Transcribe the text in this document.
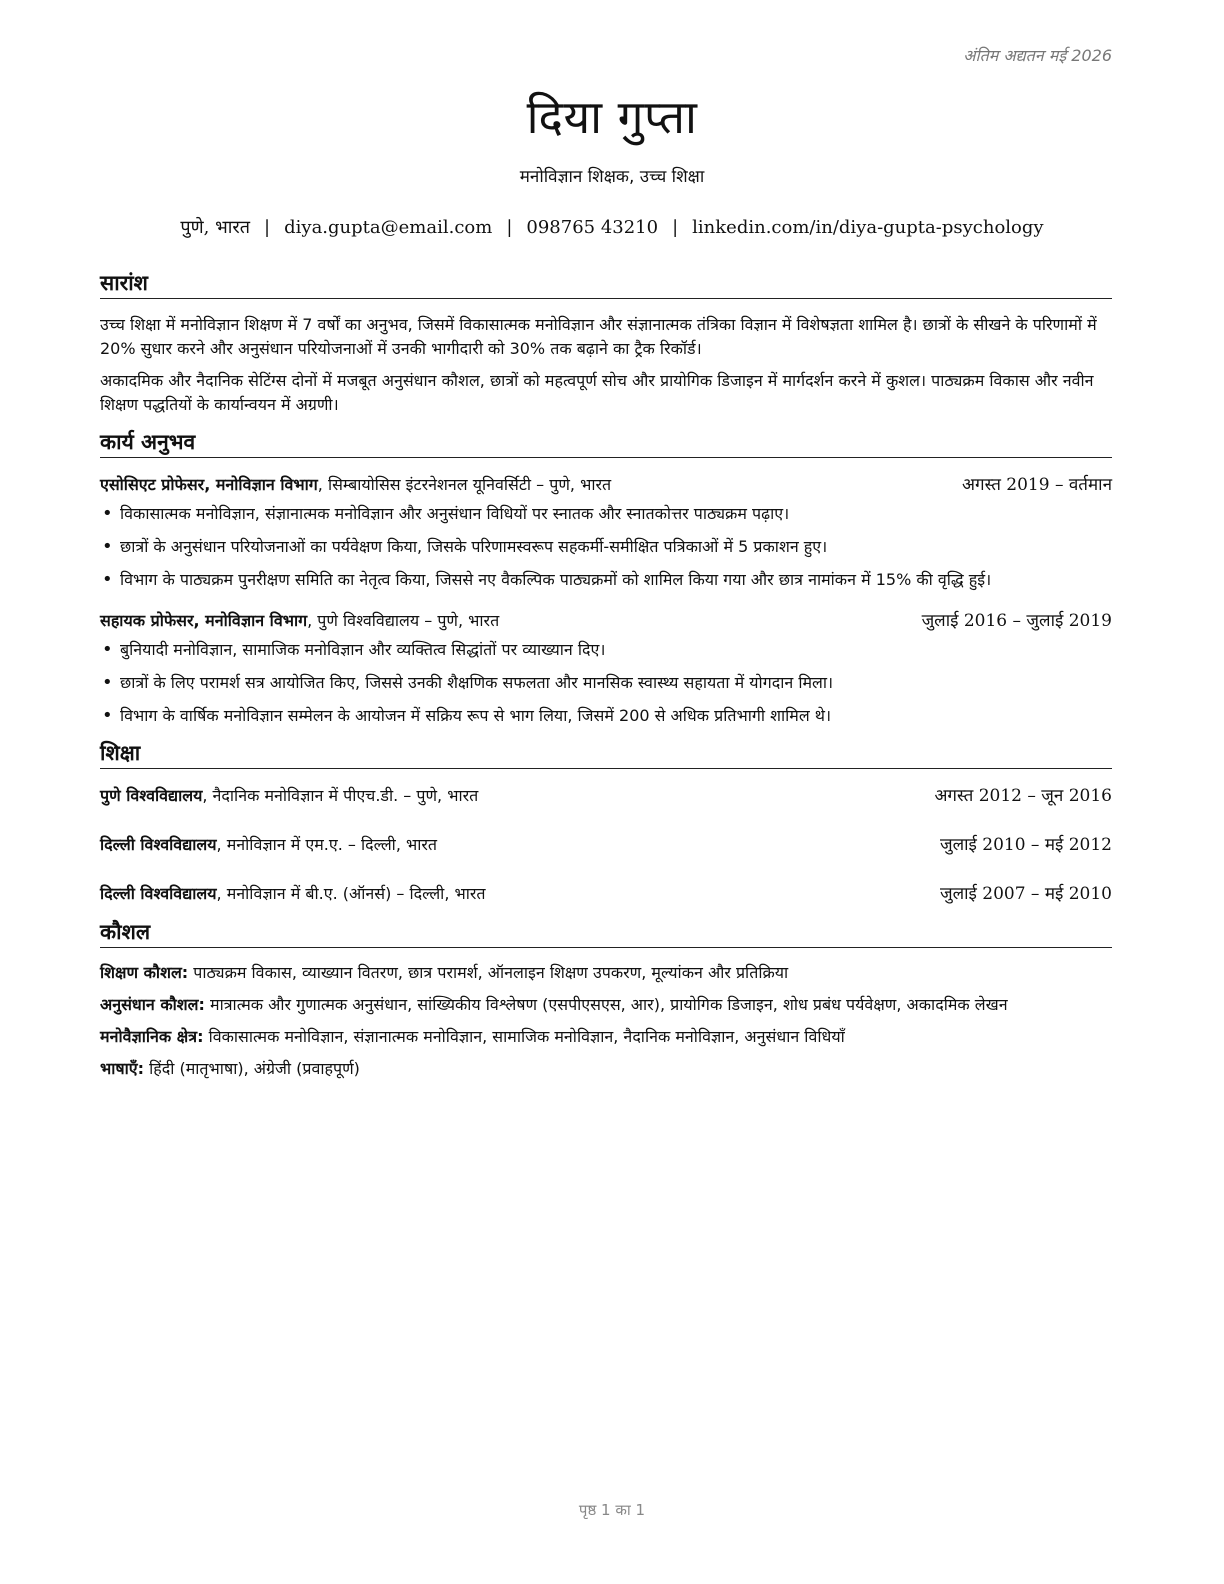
अंतिम अद्यतन मई 2026
दिया गुप्ता
मनोविज्ञान शिक्षक, उच्च शिक्षा
पुणे, भारत | diya.gupta@email.com | 098765 43210 | linkedin.com/in/diya-gupta-psychology
सारांश

उच्च शिक्षा में मनोविज्ञान शिक्षण में 7 वर्षों का अनुभव, जिसमें विकासात्मक मनोविज्ञान और संज्ञानात्मक तंत्रिका विज्ञान में विशेषज्ञता शामिल है। छात्रों के सीखने के परिणामों में 20% सुधार करने और अनुसंधान परियोजनाओं में उनकी भागीदारी को 30% तक बढ़ाने का ट्रैक रिकॉर्ड।

अकादमिक और नैदानिक सेटिंग्स दोनों में मजबूत अनुसंधान कौशल, छात्रों को महत्वपूर्ण सोच और प्रायोगिक डिजाइन में मार्गदर्शन करने में कुशल। पाठ्यक्रम विकास और नवीन शिक्षण पद्धतियों के कार्यान्वयन में अग्रणी।

कार्य अनुभव
एसोसिएट प्रोफेसर, मनोविज्ञान विभाग, सिम्बायोसिस इंटरनेशनल यूनिवर्सिटी – पुणे, भारत	अगस्त 2019 – वर्तमान
• विकासात्मक मनोविज्ञान, संज्ञानात्मक मनोविज्ञान और अनुसंधान विधियों पर स्नातक और स्नातकोत्तर पाठ्यक्रम पढ़ाए।
• छात्रों के अनुसंधान परियोजनाओं का पर्यवेक्षण किया, जिसके परिणामस्वरूप सहकर्मी-समीक्षित पत्रिकाओं में 5 प्रकाशन हुए।
• विभाग के पाठ्यक्रम पुनरीक्षण समिति का नेतृत्व किया, जिससे नए वैकल्पिक पाठ्यक्रमों को शामिल किया गया और छात्र नामांकन में 15% की वृद्धि हुई।
सहायक प्रोफेसर, मनोविज्ञान विभाग, पुणे विश्वविद्यालय – पुणे, भारत	जुलाई 2016 – जुलाई 2019
• बुनियादी मनोविज्ञान, सामाजिक मनोविज्ञान और व्यक्तित्व सिद्धांतों पर व्याख्यान दिए।
• छात्रों के लिए परामर्श सत्र आयोजित किए, जिससे उनकी शैक्षणिक सफलता और मानसिक स्वास्थ्य सहायता में योगदान मिला।
• विभाग के वार्षिक मनोविज्ञान सम्मेलन के आयोजन में सक्रिय रूप से भाग लिया, जिसमें 200 से अधिक प्रतिभागी शामिल थे।
शिक्षा
पुणे विश्वविद्यालय, नैदानिक मनोविज्ञान में पीएच.डी. – पुणे, भारत	अगस्त 2012 – जून 2016
दिल्ली विश्वविद्यालय, मनोविज्ञान में एम.ए. – दिल्ली, भारत	जुलाई 2010 – मई 2012
दिल्ली विश्वविद्यालय, मनोविज्ञान में बी.ए. (ऑनर्स) – दिल्ली, भारत	जुलाई 2007 – मई 2010
कौशल
शिक्षण कौशल: पाठ्यक्रम विकास, व्याख्यान वितरण, छात्र परामर्श, ऑनलाइन शिक्षण उपकरण, मूल्यांकन और प्रतिक्रिया
अनुसंधान कौशल: मात्रात्मक और गुणात्मक अनुसंधान, सांख्यिकीय विश्लेषण (एसपीएसएस, आर), प्रायोगिक डिजाइन, शोध प्रबंध पर्यवेक्षण, अकादमिक लेखन
मनोवैज्ञानिक क्षेत्र: विकासात्मक मनोविज्ञान, संज्ञानात्मक मनोविज्ञान, सामाजिक मनोविज्ञान, नैदानिक मनोविज्ञान, अनुसंधान विधियाँ
भाषाएँ: हिंदी (मातृभाषा), अंग्रेजी (प्रवाहपूर्ण)
पृष्ठ 1 का 1
